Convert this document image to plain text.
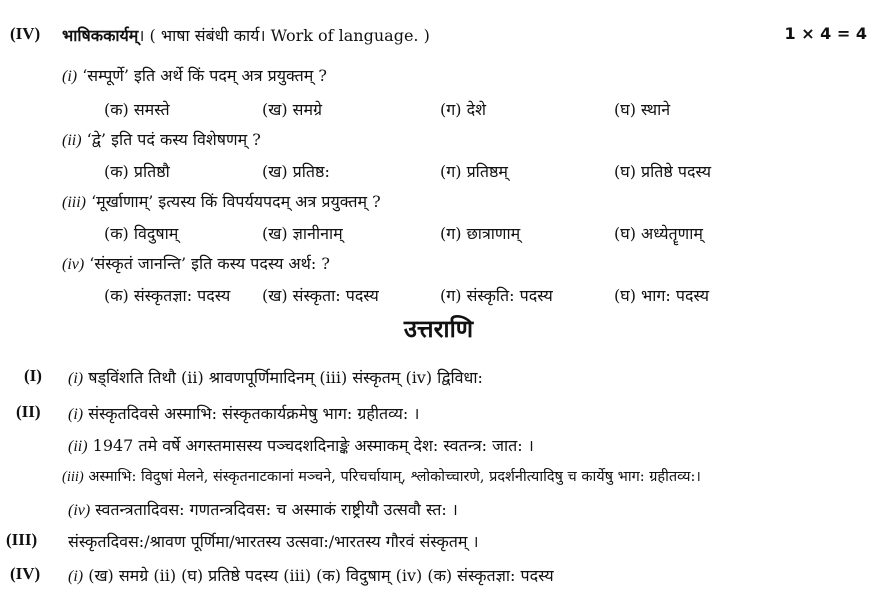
(IV) भाषिककार्यम्। ( भाषा संबंधी कार्य। Work of language. )	1 × 4 = 4
(i) ‘सम्पूर्णे’ इति अर्थे किं पदम् अत्र प्रयुक्तम् ?
(क) समस्ते	(ख) समग्रे	(ग) देशे	(घ) स्थाने
(ii) ‘द्वे’ इति पदं कस्य विशेषणम् ?
(क) प्रतिष्ठौ	(ख) प्रतिष्ठ:	(ग) प्रतिष्ठम्	(घ) प्रतिष्ठे पदस्य
(iii) ‘मूर्खाणाम्’ इत्यस्य किं विपर्ययपदम् अत्र प्रयुक्तम् ?
(क) विदुषाम्	(ख) ज्ञानीनाम्	(ग) छात्राणाम्	(घ) अध्येतॄणाम्
(iv) ‘संस्कृतं जानन्ति’ इति कस्य पदस्य अर्थ: ?
(क) संस्कृतज्ञा: पदस्य (ख) संस्कृता: पदस्य	(ग) संस्कृति: पदस्य	(घ) भाग: पदस्य
उत्तराणि
(I) (i) षड्विंशति तिथौ (ii) श्रावणपूर्णिमादिनम् (iii) संस्कृतम् (iv) द्विविधा:
(II) (i) संस्कृतदिवसे अस्माभि: संस्कृतकार्यक्रमेषु भाग: ग्रहीतव्य: ।
(ii) 1947 तमे वर्षे अगस्तमासस्य पञ्चदशदिनाङ्के अस्माकम् देश: स्वतन्त्र: जात: ।
(iii) अस्माभि: विदुषां मेलने, संस्कृतनाटकानां मञ्चने, परिचर्चायाम्, श्लोकोच्चारणे, प्रदर्शनीत्यादिषु च कार्येषु भाग: ग्रहीतव्य:।
(iv) स्वतन्त्रतादिवस: गणतन्त्रदिवस: च अस्माकं राष्ट्रीयौ उत्सवौ स्त: ।
(III) संस्कृतदिवस:/श्रावण पूर्णिमा/भारतस्य उत्सवा:/भारतस्य गौरवं संस्कृतम् ।
(IV) (i) (ख) समग्रे (ii) (घ) प्रतिष्ठे पदस्य (iii) (क) विदुषाम् (iv) (क) संस्कृतज्ञा: पदस्य
